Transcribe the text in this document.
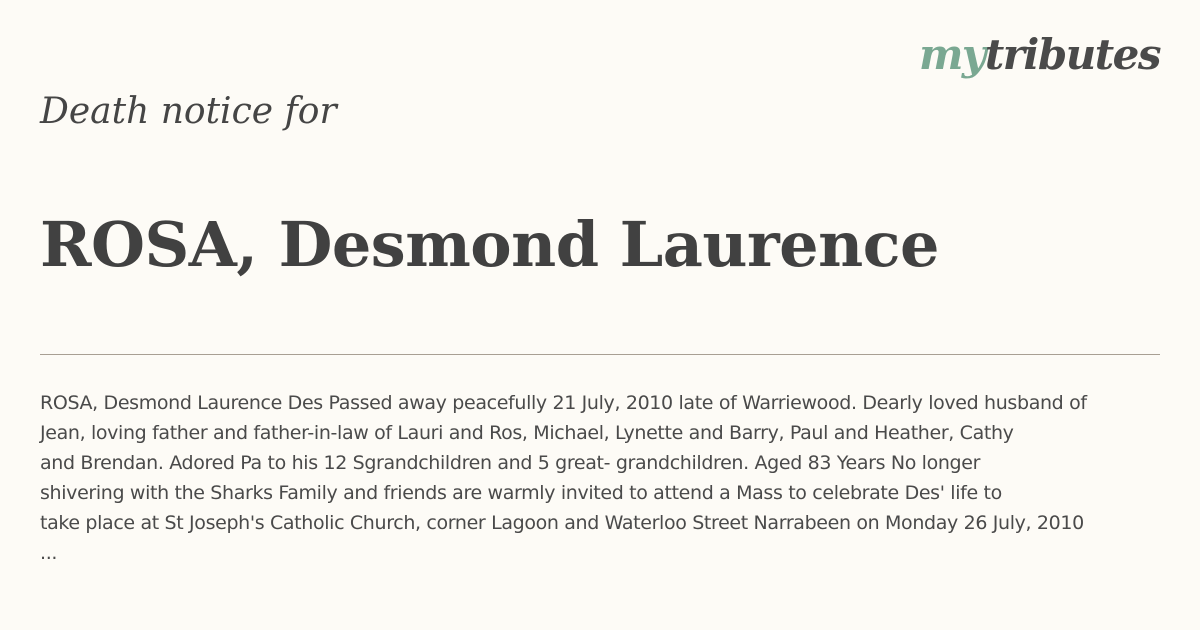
mytributes
Death notice for
ROSA, Desmond Laurence

ROSA, Desmond Laurence Des Passed away peacefully 21 July, 2010 late of Warriewood. Dearly loved husband of
Jean, loving father and father-in-law of Lauri and Ros, Michael, Lynette and Barry, Paul and Heather, Cathy
and Brendan. Adored Pa to his 12 Sgrandchildren and 5 great- grandchildren. Aged 83 Years No longer
shivering with the Sharks Family and friends are warmly invited to attend a Mass to celebrate Des' life to
take place at St Joseph's Catholic Church, corner Lagoon and Waterloo Street Narrabeen on Monday 26 July, 2010
...
